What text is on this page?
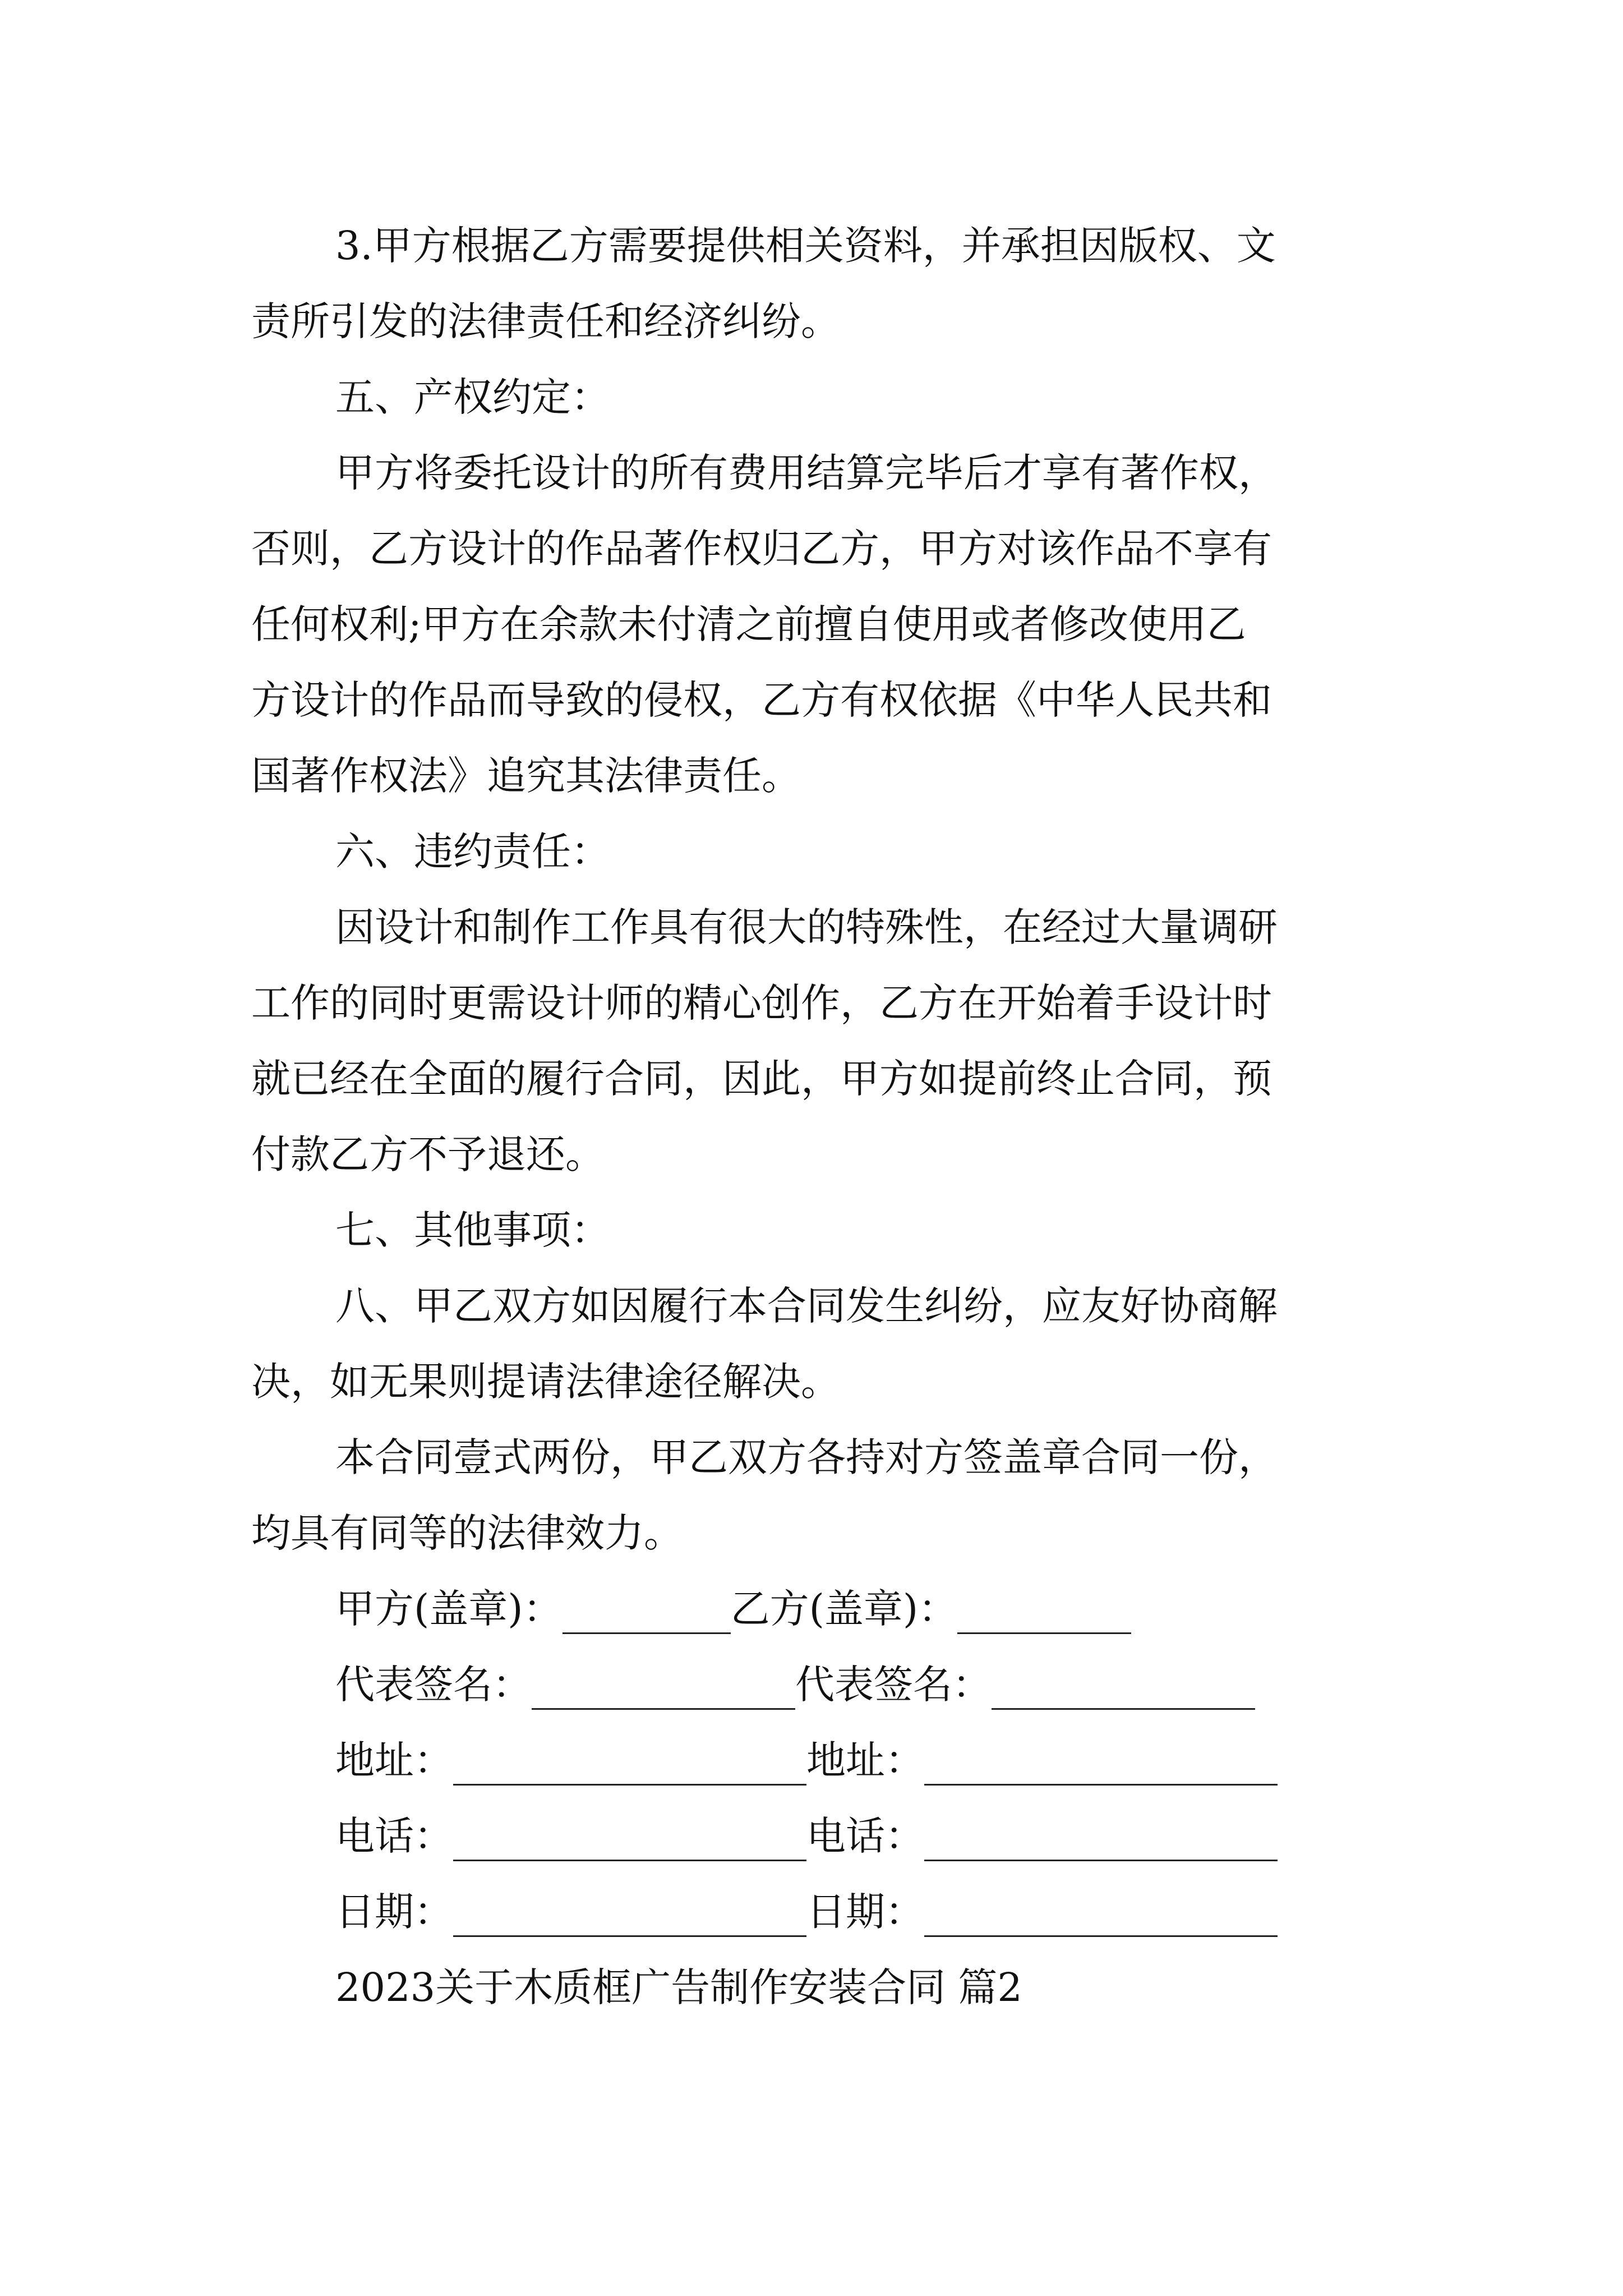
3.甲方根据乙方需要提供相关资料，并承担因版权、文
责所引发的法律责任和经济纠纷。
五、产权约定：
甲方将委托设计的所有费用结算完毕后才享有著作权，
否则，乙方设计的作品著作权归乙方，甲方对该作品不享有
任何权利;甲方在余款未付清之前擅自使用或者修改使用乙
方设计的作品而导致的侵权，乙方有权依据《中华人民共和
国著作权法》追究其法律责任。
六、违约责任：
因设计和制作工作具有很大的特殊性，在经过大量调研
工作的同时更需设计师的精心创作，乙方在开始着手设计时
就已经在全面的履行合同，因此，甲方如提前终止合同，预
付款乙方不予退还。
七、其他事项：
八、甲乙双方如因履行本合同发生纠纷，应友好协商解
决，如无果则提请法律途径解决。
本合同壹式两份，甲乙双方各持对方签盖章合同一份，
均具有同等的法律效力。
甲方(盖章)：	乙方(盖章)：
代表签名：	代表签名：
地址：	地址：
电话：	电话：
日期：	日期：
2023关于木质框广告制作安装合同 篇2
